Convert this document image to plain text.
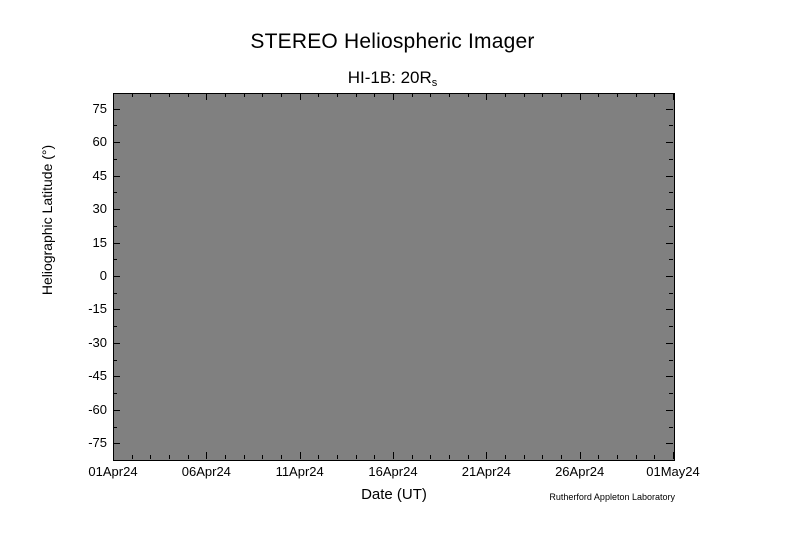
STEREO Heliospheric Imager
HI-1B: $20R_s$
Heliographic Latitude (°)
Date (UT)	Rutherford Appleton Laboratory
75
60
45
30
15
0
-15
-30
-45
-60
-75
01Apr24	06Apr24	11Apr24	16Apr24	21Apr24	26Apr24	01May24
